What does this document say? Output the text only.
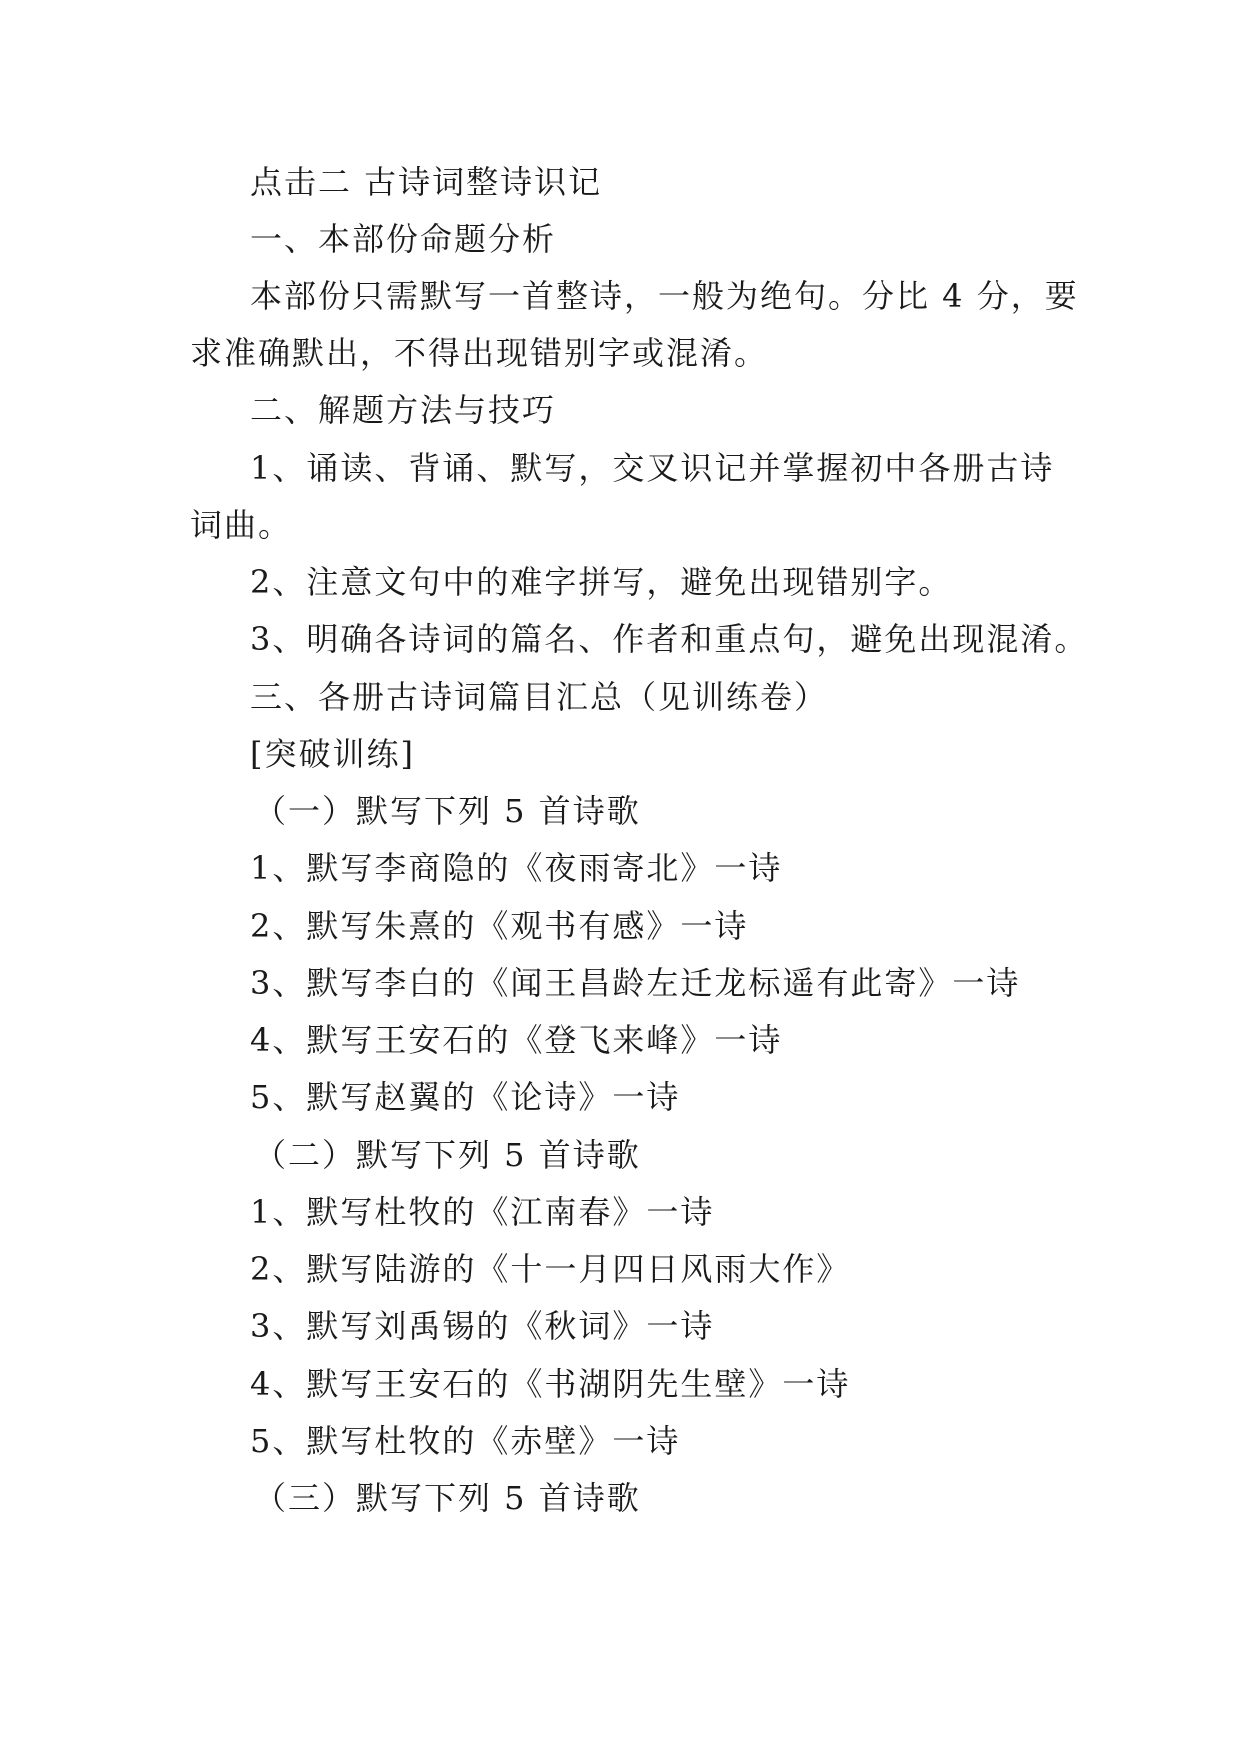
点击二 古诗词整诗识记
一、本部份命题分析
本部份只需默写一首整诗，一般为绝句。分比 4 分，要
求准确默出，不得出现错别字或混淆。
二、解题方法与技巧
1、诵读、背诵、默写，交叉识记并掌握初中各册古诗
词曲。
2、注意文句中的难字拼写，避免出现错别字。
3、明确各诗词的篇名、作者和重点句，避免出现混淆。
三、各册古诗词篇目汇总（见训练卷）
[突破训练]
（一）默写下列 5 首诗歌
1、默写李商隐的《夜雨寄北》一诗
2、默写朱熹的《观书有感》一诗
3、默写李白的《闻王昌龄左迁龙标遥有此寄》一诗
4、默写王安石的《登飞来峰》一诗
5、默写赵翼的《论诗》一诗
（二）默写下列 5 首诗歌
1、默写杜牧的《江南春》一诗
2、默写陆游的《十一月四日风雨大作》
3、默写刘禹锡的《秋词》一诗
4、默写王安石的《书湖阴先生壁》一诗
5、默写杜牧的《赤壁》一诗
（三）默写下列 5 首诗歌
